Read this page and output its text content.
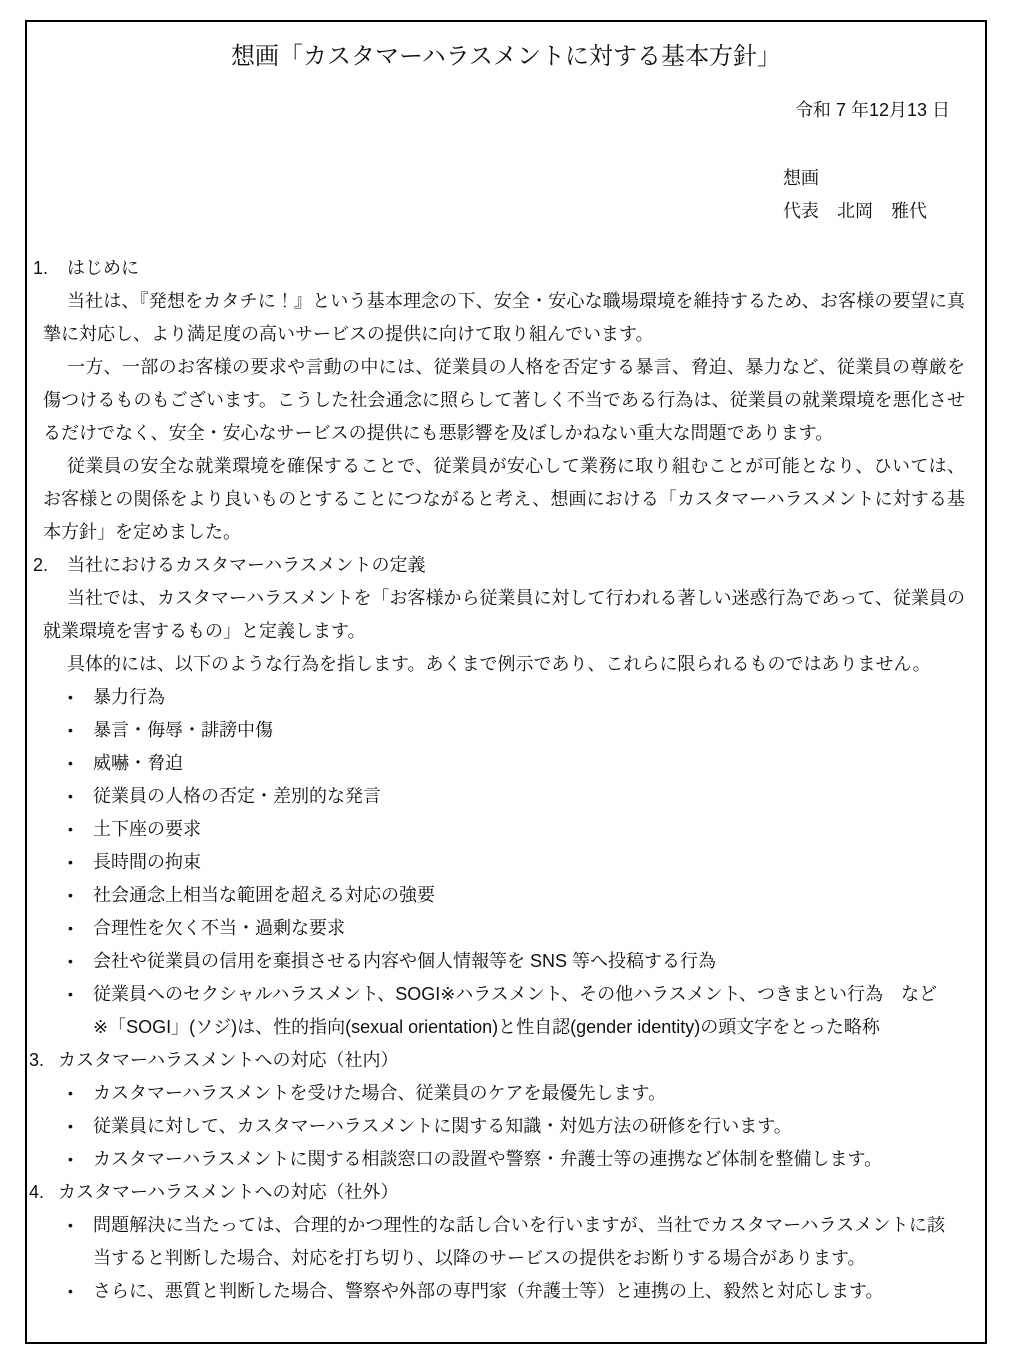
想画「カスタマーハラスメントに対する基本方針」
令和 7 年12月13 日
想画
代表　北岡　雅代
1.	はじめに

当社は、『発想をカタチに！』という基本理念の下、安全・安心な職場環境を維持するため、お客様の要望に真摯に対応し、より満足度の高いサービスの提供に向けて取り組んでいます。

一方、一部のお客様の要求や言動の中には、従業員の人格を否定する暴言、脅迫、暴力など、従業員の尊厳を傷つけるものもございます。こうした社会通念に照らして著しく不当である行為は、従業員の就業環境を悪化させるだけでなく、安全・安心なサービスの提供にも悪影響を及ぼしかねない重大な問題であります。

従業員の安全な就業環境を確保することで、従業員が安心して業務に取り組むことが可能となり、ひいては、お客様との関係をより良いものとすることにつながると考え、想画における「カスタマーハラスメントに対する基本方針」を定めました。

2.	当社におけるカスタマーハラスメントの定義

当社では、カスタマーハラスメントを「お客様から従業員に対して行われる著しい迷惑行為であって、従業員の就業環境を害するもの」と定義します。

具体的には、以下のような行為を指します。あくまで例示であり、これらに限られるものではありません。

•	暴力行為
•	暴言・侮辱・誹謗中傷
•	威嚇・脅迫
•	従業員の人格の否定・差別的な発言
•	土下座の要求
•	長時間の拘束
•	社会通念上相当な範囲を超える対応の強要
•	合理性を欠く不当・過剰な要求
•	会社や従業員の信用を棄損させる内容や個人情報等を SNS 等へ投稿する行為
•	従業員へのセクシャルハラスメント、SOGI※ハラスメント、その他ハラスメント、つきまとい行為　など
※「SOGI」(ソジ)は、性的指向(sexual orientation)と性自認(gender identity)の頭文字をとった略称
3. カスタマーハラスメントへの対応（社内）
•	カスタマーハラスメントを受けた場合、従業員のケアを最優先します。
•	従業員に対して、カスタマーハラスメントに関する知識・対処方法の研修を行います。
•	カスタマーハラスメントに関する相談窓口の設置や警察・弁護士等の連携など体制を整備します。
4. カスタマーハラスメントへの対応（社外）
•	問題解決に当たっては、合理的かつ理性的な話し合いを行いますが、当社でカスタマーハラスメントに該当すると判断した場合、対応を打ち切り、以降のサービスの提供をお断りする場合があります。
•	さらに、悪質と判断した場合、警察や外部の専門家（弁護士等）と連携の上、毅然と対応します。
